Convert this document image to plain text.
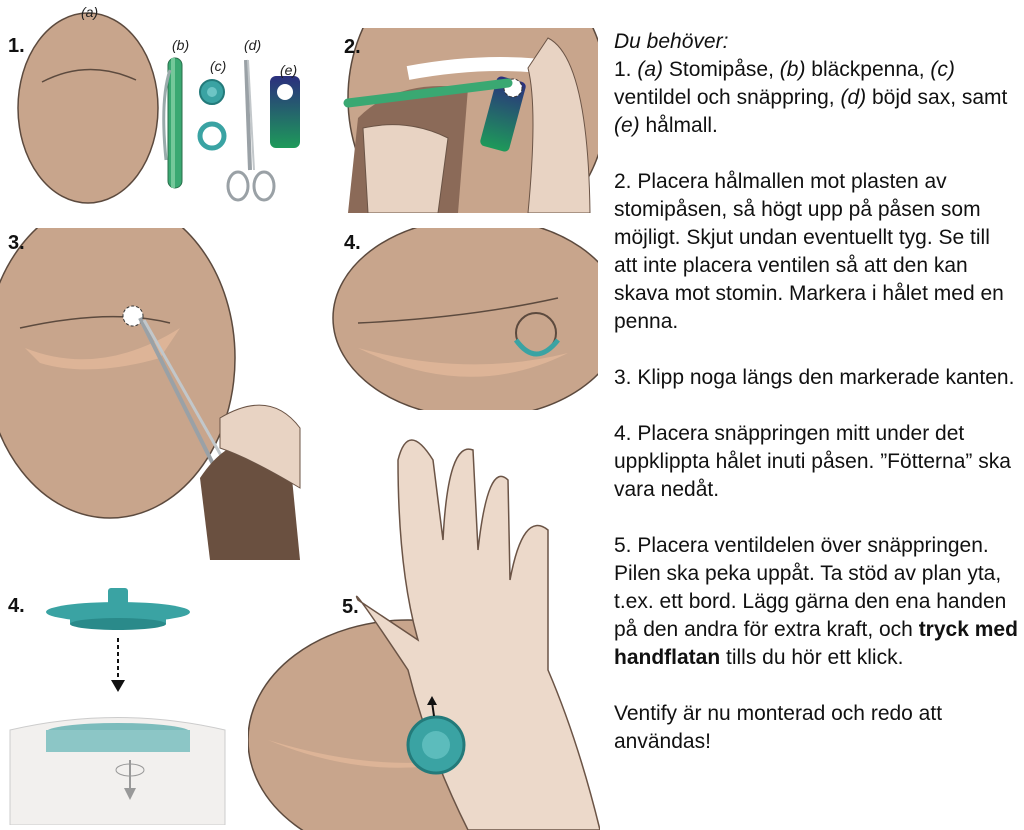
1.
(a)
(b)
(c)
(d)
(e)
2.
3.	4.
4.	5.

Du behöver:

1. (a) Stomipåse, (b) bläckpenna, (c) ventildel och snäppring, (d) böjd sax, samt (e) hålmall.

2. Placera hålmallen mot plasten av stomipåsen, så högt upp på påsen som möjligt. Skjut undan eventuellt tyg. Se till att inte placera ventilen så att den kan skava mot stomin. Markera i hålet med en penna.

3. Klipp noga längs den markerade kanten.

4. Placera snäppringen mitt under det uppklippta hålet inuti påsen. ”Fötterna” ska vara nedåt.

5. Placera ventildelen över snäppringen. Pilen ska peka uppåt. Ta stöd av plan yta, t.ex. ett bord. Lägg gärna den ena handen på den andra för extra kraft, och tryck med handflatan tills du hör ett klick.

Ventify är nu monterad och redo att användas!
